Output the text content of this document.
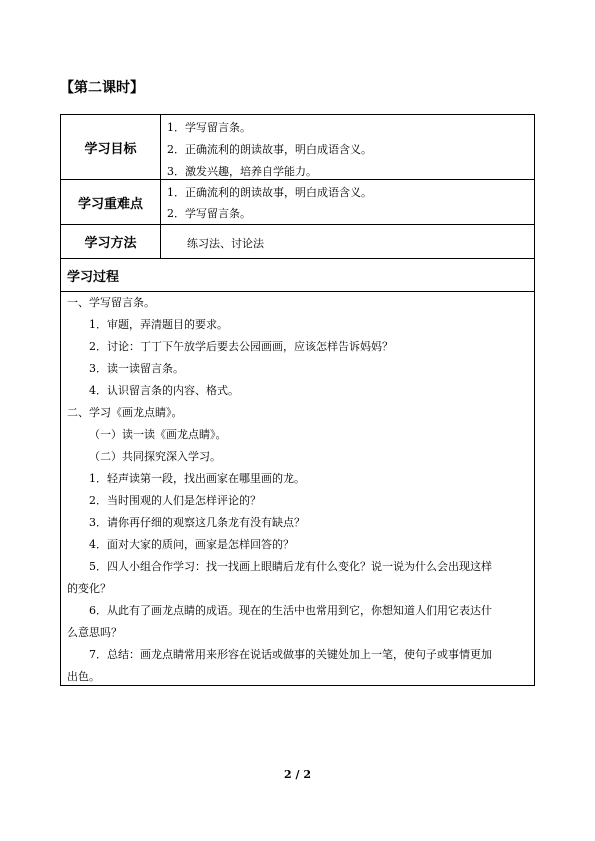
【第二课时】
学习目标
1．学写留言条。
2．正确流利的朗读故事，明白成语含义。
3．激发兴趣，培养自学能力。
学习重难点
1．正确流利的朗读故事，明白成语含义。
2．学写留言条。
学习方法	练习法、讨论法
学习过程
一、学写留言条。
1．审题，弄清题目的要求。
2．讨论：丁丁下午放学后要去公园画画，应该怎样告诉妈妈？
3．读一读留言条。
4．认识留言条的内容、格式。
二、学习《画龙点睛》。
（一）读一读《画龙点睛》。
（二）共同探究深入学习。
1．轻声读第一段，找出画家在哪里画的龙。
2．当时围观的人们是怎样评论的？
3．请你再仔细的观察这几条龙有没有缺点？
4．面对大家的质问，画家是怎样回答的？
5．四人小组合作学习：找一找画上眼睛后龙有什么变化？说一说为什么会出现这样
的变化？
6．从此有了画龙点睛的成语。现在的生活中也常用到它，你想知道人们用它表达什
么意思吗？
7．总结：画龙点睛常用来形容在说话或做事的关键处加上一笔，使句子或事情更加
出色。
2 / 2
